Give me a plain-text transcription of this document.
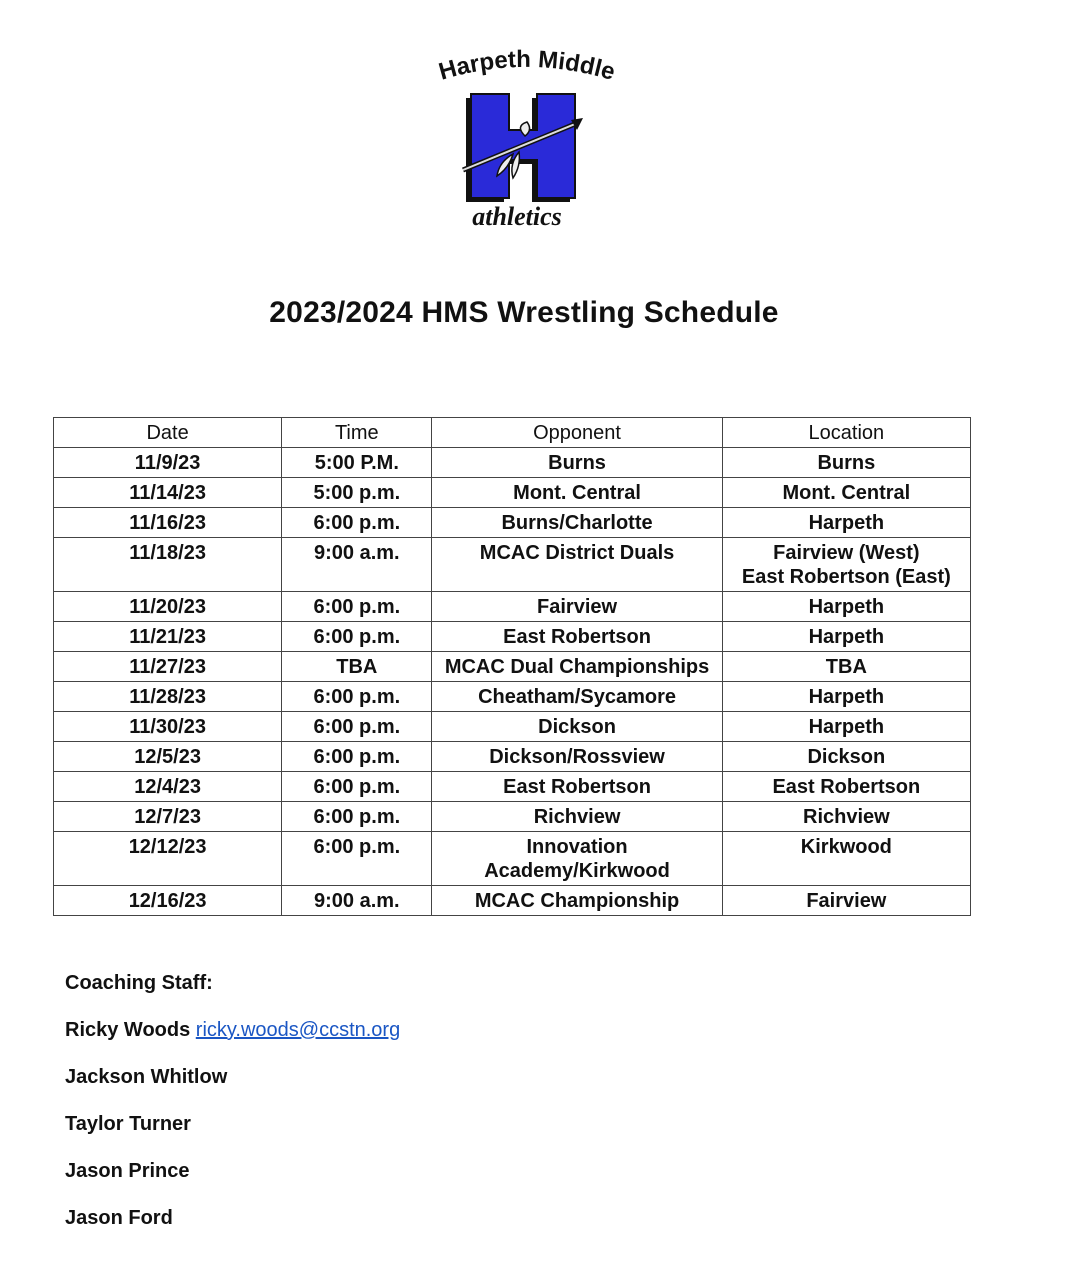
Harpeth Middle
athletics
2023/2024 HMS Wrestling Schedule
Date	Time	Opponent	Location
11/9/23	5:00 P.M.	Burns	Burns

11/14/23	5:00 p.m.	Mont. Central	Mont. Central

11/16/23	6:00 p.m.	Burns/Charlotte	Harpeth

11/18/23	9:00 a.m.	MCAC District Duals	Fairview (West)
East Robertson (East)

11/20/23	6:00 p.m.	Fairview	Harpeth

11/21/23	6:00 p.m.	East Robertson	Harpeth

11/27/23	TBA	MCAC Dual Championships	TBA

11/28/23	6:00 p.m.	Cheatham/Sycamore	Harpeth

11/30/23	6:00 p.m.	Dickson	Harpeth

12/5/23	6:00 p.m.	Dickson/Rossview	Dickson

12/4/23	6:00 p.m.	East Robertson	East Robertson

12/7/23	6:00 p.m.	Richview	Richview

12/12/23	6:00 p.m.	Innovation
Academy/Kirkwood	Kirkwood

12/16/23	9:00 a.m.	MCAC Championship	Fairview
Coaching Staff:
Ricky Woods ricky.woods@ccstn.org
Jackson Whitlow
Taylor Turner
Jason Prince
Jason Ford
